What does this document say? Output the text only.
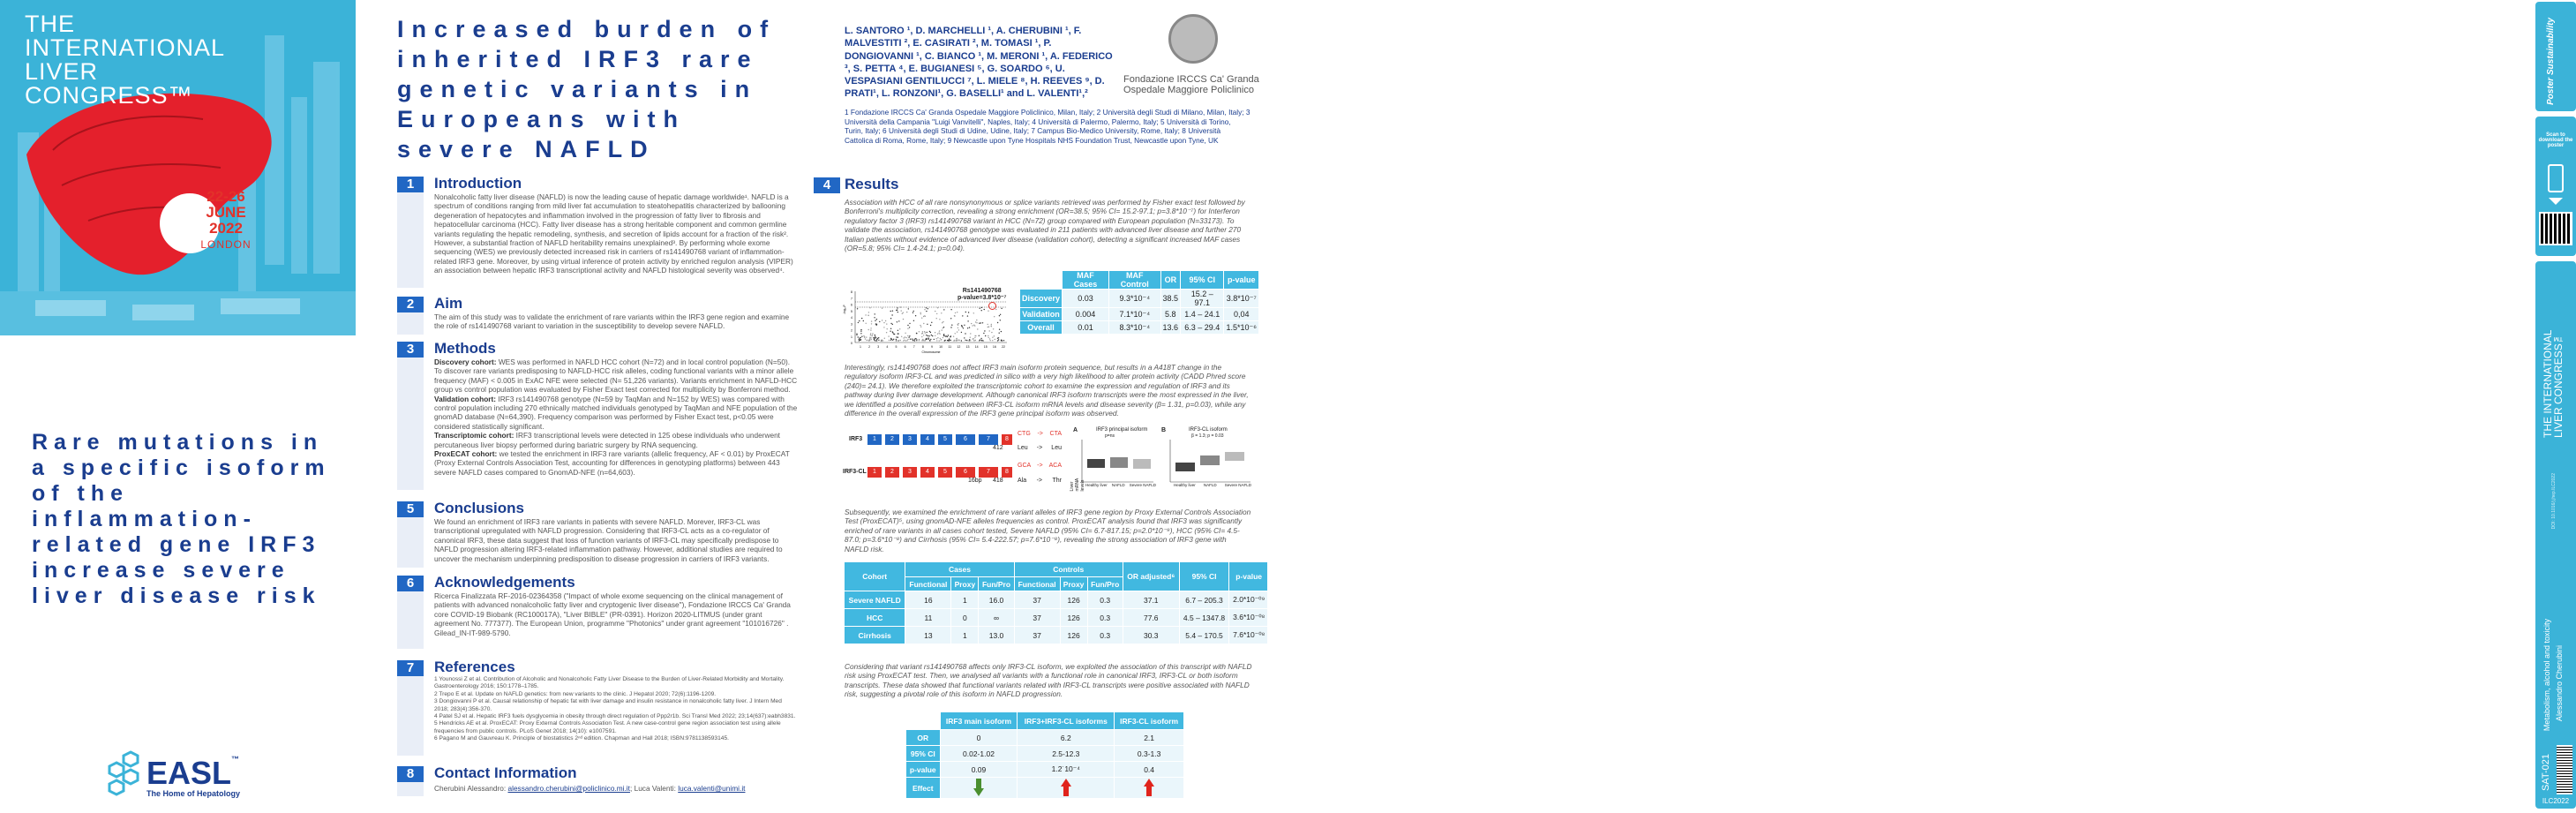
THE
INTERNATIONAL
LIVER
CONGRESS™
22-26
JUNE
2022
LONDON
Rare mutations in a specific isoform of the inflammation-related gene IRF3 increase severe liver disease risk
EASL™
The Home of Hepatology
Increased burden of inherited IRF3 rare genetic variants in Europeans with severe NAFLD
1	Introduction
Nonalcoholic fatty liver disease (NAFLD) is now the leading cause of hepatic damage worldwide¹. NAFLD is a spectrum of conditions ranging from mild liver fat accumulation to steatohepatitis characterized by ballooning degeneration of hepatocytes and inflammation involved in the progression of fatty liver to fibrosis and hepatocellular carcinoma (HCC). Fatty liver disease has a strong heritable component and common germline variants regulating the hepatic remodeling, synthesis, and secretion of lipids account for a fraction of the risk². However, a substantial fraction of NAFLD heritability remains unexplained³. By performing whole exome sequencing (WES) we previously detected increased risk in carriers of rs141490768 variant of inflammation-related IRF3 gene. Moreover, by using virtual inference of protein activity by enriched regulon analysis (VIPER) an association between hepatic IRF3 transcriptional activity and NAFLD histological severity was observed⁴.
2	Aim
The aim of this study was to validate the enrichment of rare variants within the IRF3 gene region and examine the role of rs141490768 variant to variation in the susceptibility to develop severe NAFLD.
3	Methods
Discovery cohort: WES was performed in NAFLD HCC cohort (N=72) and in local control population (N=50). To discover rare variants predisposing to NAFLD-HCC risk alleles, coding functional variants with a minor allele frequency (MAF) < 0.005 in ExAC NFE were selected (N= 51,226 variants). Variants enrichment in NAFLD-HCC group vs control population was evaluated by Fisher Exact test corrected for multiplicity by Bonferroni method.
Validation cohort: IRF3 rs141490768 genotype (N=59 by TaqMan and N=152 by WES) was compared with control population including 270 ethnically matched individuals genotyped by TaqMan and NFE population of the gnomAD database (N=64,390). Frequency comparison was performed by Fisher Exact test, p<0.05 were considered statistically significant.
Transcriptomic cohort: IRF3 transcriptional levels were detected in 125 obese individuals who underwent percutaneous liver biopsy performed during bariatric surgery by RNA sequencing.
ProxECAT cohort: we tested the enrichment in IRF3 rare variants (allelic frequency, AF < 0.01) by ProxECAT (Proxy External Controls Association Test, accounting for differences in genotyping platforms) between 443 severe NAFLD cases compared to GnomAD-NFE (n=64,603).
5	Conclusions
We found an enrichment of IRF3 rare variants in patients with severe NAFLD. Morever, IRF3-CL was transcriptional upregulated with NAFLD progression. Considering that IRF3-CL acts as a co-regulator of canonical IRF3, these data suggest that loss of function variants of IRF3-CL may specifically predispose to NAFLD progression altering IRF3-related inflammation pathway. However, additional studies are required to uncover the mechanism underpinning predisposition to disease progression in carriers of IRF3 variants.
6	Acknowledgements
Ricerca Finalizzata RF-2016-02364358 ("Impact of whole exome sequencing on the clinical management of patients with advanced nonalcoholic fatty liver and cryptogenic liver disease"), Fondazione IRCCS Ca' Granda core COVID-19 Biobank (RC100017A), "Liver BIBLE" (PR-0391). Horizon 2020-LITMUS (under grant agreement No. 777377). The European Union, programme "Photonics" under grant agreement "101016726" . Gilead_IN-IT-989-5790.
7	References
1 Younossi Z et al. Contribution of Alcoholic and Nonalcoholic Fatty Liver Disease to the Burden of Liver-Related Morbidity and Mortality. Gastroenterology 2016; 150:1778–1785.
2 Trepo E et al. Update on NAFLD genetics: from new variants to the clinic. J Hepatol 2020; 72(6):1196-1209.
3 Dongiovanni P et al. Causal relationship of hepatic fat with liver damage and insulin resistance in nonalcoholic fatty liver. J Intern Med 2018; 283(4):356-370.
4 Patel SJ et al. Hepatic IRF3 fuels dysglycemia in obesity through direct regulation of Ppp2r1b. Sci Transl Med 2022; 23;14(637):eabh3831.
5 Hendricks AE et al. ProxECAT: Proxy External Controls Association Test. A new case-control gene region association test using allele frequencies from public controls. PLoS Genet 2018; 14(10): e1007591.
6 Pagano M and Gauvreau K. Principle of biostatistics 2ⁿᵈ edition. Chapman and Hall 2018; ISBN:9781138593145.
8	Contact Information
Cherubini Alessandro: alessandro.cherubini@policlinico.mi.it; Luca Valenti: luca.valenti@unimi.it
L. SANTORO ¹, D. MARCHELLI ¹, A. CHERUBINI ¹, F. MALVESTITI ², E. CASIRATI ², M. TOMASI ¹, P. DONGIOVANNI ¹, C. BIANCO ¹, M. MERONI ¹, A. FEDERICO ³, S. PETTA ⁴, E. BUGIANESI ⁵, G. SOARDO ⁶, U. VESPASIANI GENTILUCCI ⁷, L. MIELE ⁸, H. REEVES ⁹, D. PRATI¹, L. RONZONI¹, G. BASELLI¹ and L. VALENTI¹,²
Fondazione IRCCS Ca' Granda
Ospedale Maggiore Policlinico
1 Fondazione IRCCS Ca' Granda Ospedale Maggiore Policlinico, Milan, Italy; 2 Università degli Studi di Milano, Milan, Italy; 3 Università della Campania "Luigi Vanvitelli", Naples, Italy; 4 Università di Palermo, Palermo, Italy; 5 Università di Torino, Turin, Italy; 6 Università degli Studi di Udine, Udine, Italy; 7 Campus Bio-Medico University, Rome, Italy; 8 Università Cattolica di Roma, Rome, Italy; 9 Newcastle upon Tyne Hospitals NHS Foundation Trust, Newcastle upon Tyne, UK
4 Results
Association with HCC of all rare nonsynonymous or splice variants retrieved was performed by Fisher exact test followed by Bonferroni's multiplicity correction, revealing a strong enrichment (OR=38.5; 95% CI= 15.2-97.1; p=3.8*10⁻⁷) for Interferon regulatory factor 3 (IRF3) rs141490768 variant in HCC (N=72) group compared with European population (N=33173). To validate the association, rs141490768 genotype was evaluated in 211 patients with advanced liver disease and further 270 Italian patients without evidence of advanced liver disease (validation cohort), detecting a significant increased MAF cases (OR=5.8; 95% CI= 1.4-24.1; p=0.04).
8
7
6
5
4
3
2
1
0
1 2 3 4 5 6 7 8 9 10 11 12 13 14 15 16 22
Chromosome
-log₁₀P
Rs141490768
p-value=3.8*10⁻⁷
	MAF Cases	MAF Control	OR	95% CI	p-value
Discovery	0.03	9.3*10⁻⁴	38.5	15.2 – 97.1	3.8*10⁻⁷
Validation	0.004	7.1*10⁻⁴	5.8	1.4 – 24.1	0,04
Overall	0.01	8.3*10⁻⁴	13.6	6.3 – 29.4	1.5*10⁻⁶
Interestingly, rs141490768 does not affect IRF3 main isoform protein sequence, but results in a A418T change in the regulatory isoform IRF3-CL and was predicted in silico with a very high likelihood to alter protein activity (CADD Phred score (240)= 24.1). We therefore exploited the transcriptomic cohort to examine the expression and regulation of IRF3 and its pathway during liver damage development. Although canonical IRF3 isoform transcripts were the most expressed in the liver, we identified a positive correlation between IRF3-CL isoform mRNA levels and disease severity (β= 1.31, p=0.03), while any difference in the overall expression of the IRF3 gene principal isoform was observed.
IRF3
IRF3-CL
1	2	3	4	5	6	7	8
1	2	3	4	5	6	7	8
412
16bp 418
CTG -> CTA
Leu -> Leu
GCA -> ACA
Ala -> Thr
A	IRF3 principal isoform
p=ns
B	IRF3-CL isoform
β = 1.3; p = 0.03
Liver mRNA levels Healthy liver NAFLD Severe NAFLD	Healthy liver NAFLD Severe NAFLD
Subsequently, we examined the enrichment of rare variant alleles of IRF3 gene region by Proxy External Controls Association Test (ProxECAT)⁵, using gnomAD-NFE alleles frequencies as control. ProxECAT analysis found that IRF3 was significantly enriched of rare variants in all cases cohort tested, Severe NAFLD (95% CI= 6.7-817.15; p=2.0*10⁻⁹), HCC (95% CI= 4.5-87.0; p=3.6*10⁻⁸) and Cirrhosis (95% CI= 5.4-222.57; p=7.6*10⁻⁸), revealing the strong association of IRF3 gene with NAFLD risk.
Cohort	Cases			Controls			OR adjusted⁶	95% CI	p-value
	Functional	Proxy	Fun/Pro	Functional	Proxy	Fun/Pro			
Severe NAFLD	16	1	16.0	37	126	0.3	37.1	6.7 – 205.3	2.0*10⁻⁰⁹
HCC	11	0	∞	37	126	0.3	77.6	4.5 – 1347.8	3.6*10⁻⁰⁸
Cirrhosis	13	1	13.0	37	126	0.3	30.3	5.4 – 170.5	7.6*10⁻⁰⁸
Considering that variant rs141490768 affects only IRF3-CL isoform, we exploited the association of this transcript with NAFLD risk using ProxECAT test. Then, we analysed all variants with a functional role in canonical IRF3, IRF3-CL or both isoform transcripts. These data showed that functional variants related with IRF3-CL transcripts were positive associated with NAFLD risk, suggesting a pivotal role of this isoform in NAFLD progression.
	IRF3 main isoform	IRF3+IRF3-CL isoforms	IRF3-CL isoform
OR	0	6.2	2.1
95% CI	0.02-1.02	2.5-12.3	0.3-1.3
p-value	0.09	1.2˙10⁻⁴	0.4
Effect			
Poster Sustainability
Scan to download the poster
THE INTERNATIONAL LIVER CONGRESS™
DOI: 10.1016/j.jhep.ILC2022
Metabolism, alcohol and toxicity Alessandro Cherubini
SAT-021
ILC2022
